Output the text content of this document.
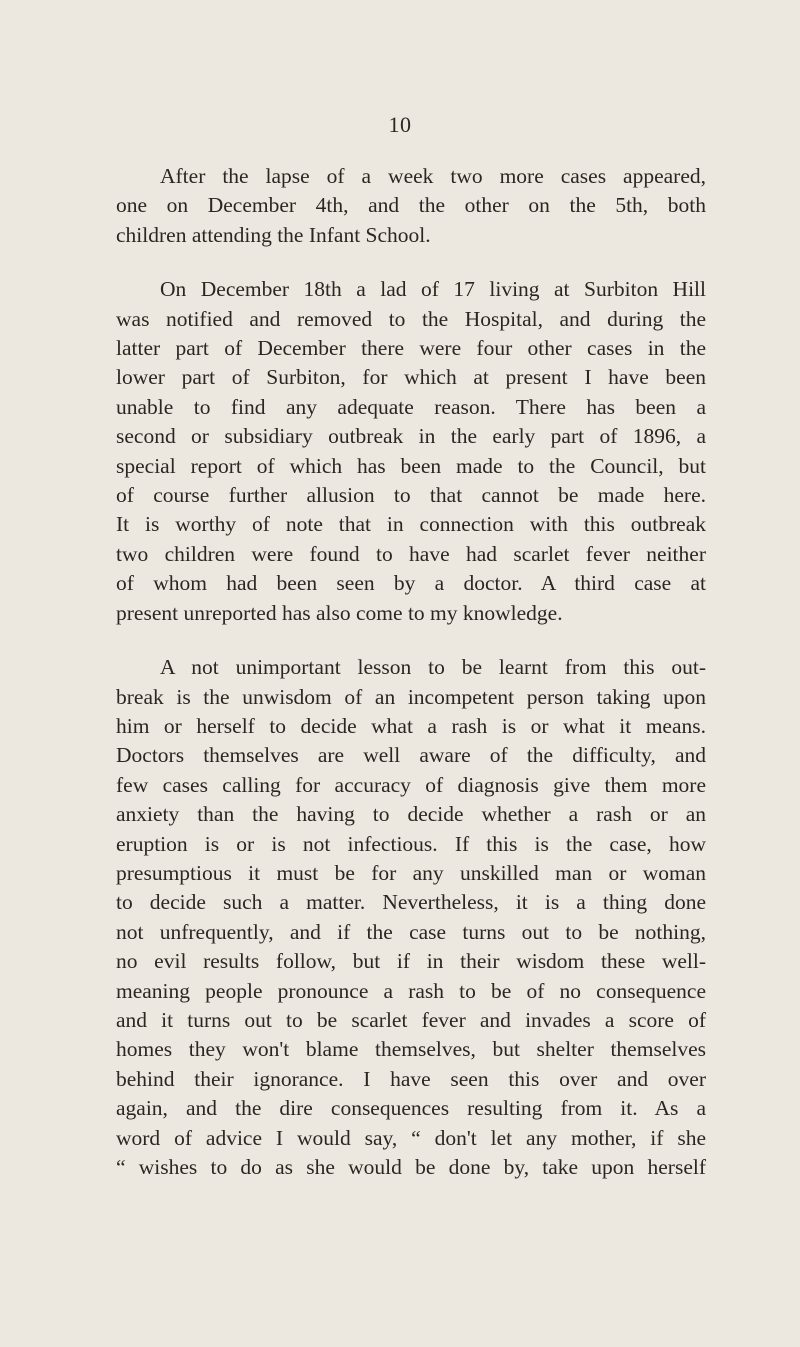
10

After the lapse of a week two more cases appeared,
one on December 4th, and the other on the 5th, both
children attending the Infant School.

On December 18th a lad of 17 living at Surbiton Hill
was notified and removed to the Hospital, and during the
latter part of December there were four other cases in the
lower part of Surbiton, for which at present I have been
unable to find any adequate reason. There has been a
second or subsidiary outbreak in the early part of 1896, a
special report of which has been made to the Council, but
of course further allusion to that cannot be made here.
It is worthy of note that in connection with this outbreak
two children were found to have had scarlet fever neither
of whom had been seen by a doctor. A third case at
present unreported has also come to my knowledge.

A not unimportant lesson to be learnt from this out-
break is the unwisdom of an incompetent person taking upon
him or herself to decide what a rash is or what it means.
Doctors themselves are well aware of the difficulty, and
few cases calling for accuracy of diagnosis give them more
anxiety than the having to decide whether a rash or an
eruption is or is not infectious. If this is the case, how
presumptious it must be for any unskilled man or woman
to decide such a matter. Nevertheless, it is a thing done
not unfrequently, and if the case turns out to be nothing,
no evil results follow, but if in their wisdom these well-
meaning people pronounce a rash to be of no consequence
and it turns out to be scarlet fever and invades a score of
homes they won't blame themselves, but shelter themselves
behind their ignorance. I have seen this over and over
again, and the dire consequences resulting from it. As a
word of advice I would say, “ don't let any mother, if she
“ wishes to do as she would be done by, take upon herself
